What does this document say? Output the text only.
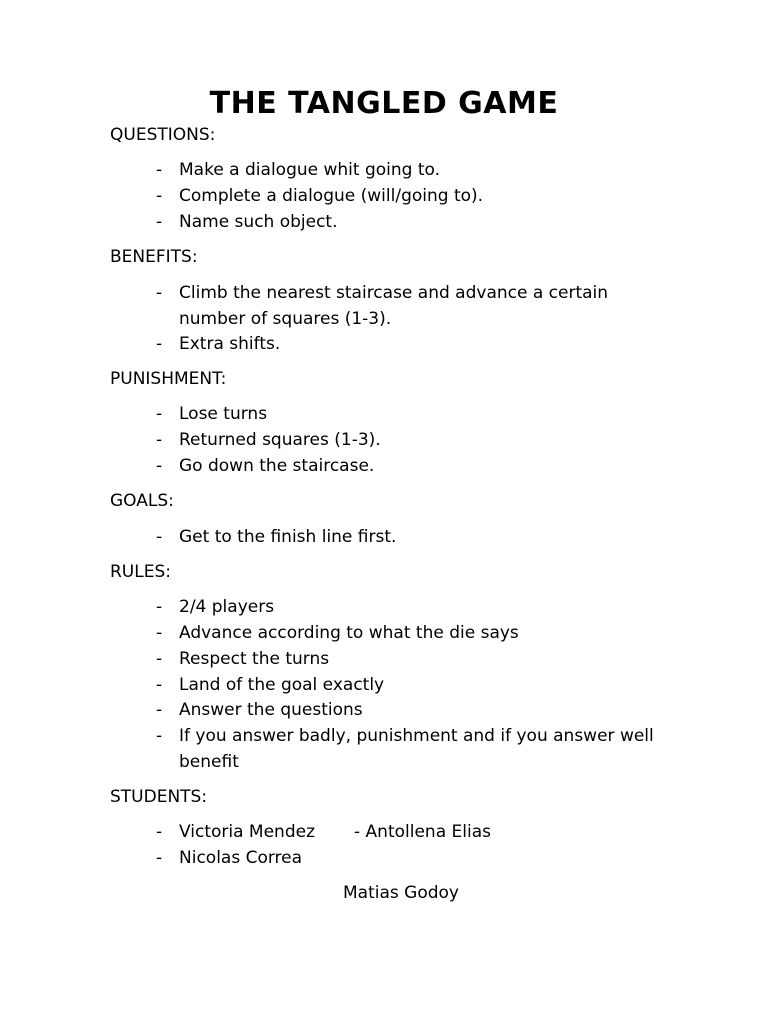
THE TANGLED GAME
QUESTIONS:
- Make a dialogue whit going to.
- Complete a dialogue (will/going to).
- Name such object.
BENEFITS:
- Climb the nearest staircase and advance a certain
number of squares (1-3).
- Extra shifts.
PUNISHMENT:
- Lose turns
- Returned squares (1-3).
- Go down the staircase.
GOALS:
- Get to the finish line first.
RULES:
- 2/4 players
- Advance according to what the die says
- Respect the turns
- Land of the goal exactly
- Answer the questions
- If you answer badly, punishment and if you answer well
benefit
STUDENTS:
- Victoria Mendez	- Antollena Elias
- Nicolas Correa
Matias Godoy
